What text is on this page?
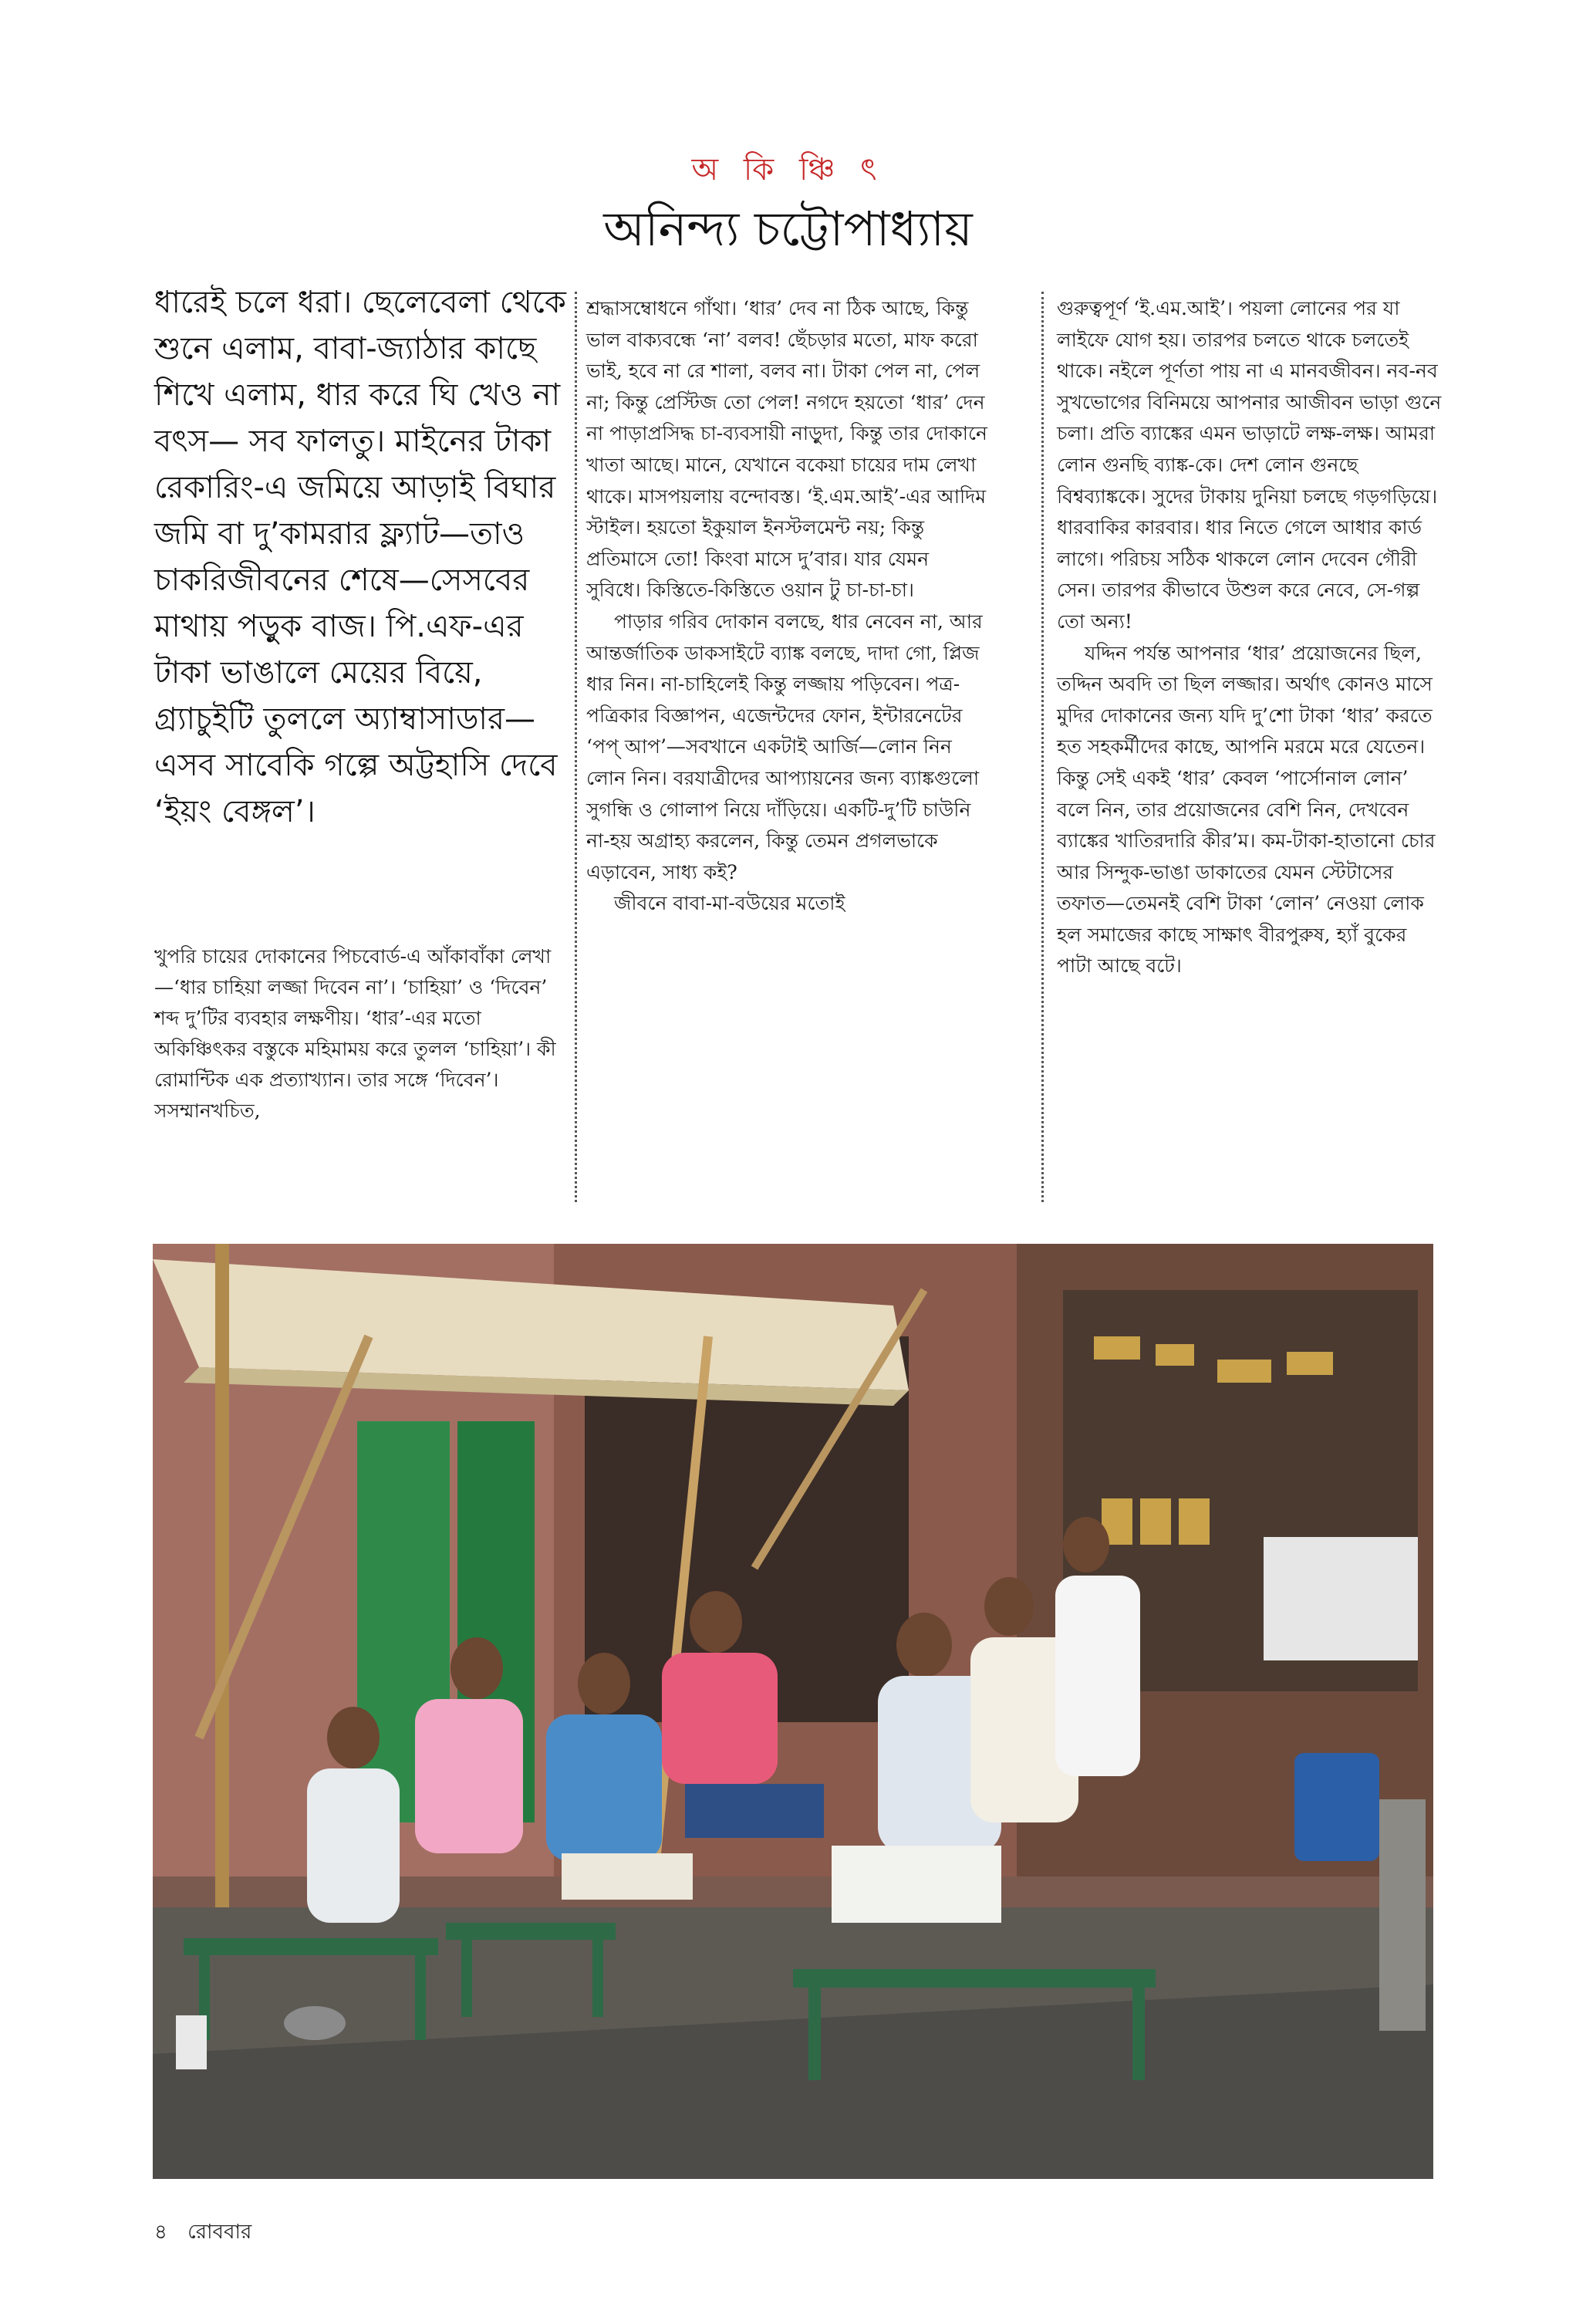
অ কি ঞ্চি ৎ
অনিন্দ্য চট্টোপাধ্যায়

ধারেই চলে ধরা। ছেলেবেলা থেকে শুনে এলাম, বাবা-জ্যাঠার কাছে শিখে এলাম, ধার করে ঘি খেও না বৎস— সব ফালতু। মাইনের টাকা রেকারিং-এ জমিয়ে আড়াই বিঘার জমি বা দু’কামরার ফ্ল্যাট—তাও চাকরিজীবনের শেষে—সেসবের মাথায় পড়ুক বাজ। পি.এফ-এর টাকা ভাঙালে মেয়ের বিয়ে, গ্র্যাচুইটি তুললে অ্যাম্বাসাডার—এসব সাবেকি গল্পে অট্টহাসি দেবে ‘ইয়ং বেঙ্গল’।

খুপরি চায়ের দোকানের পিচবোর্ড-এ আঁকাবাঁকা লেখা—‘ধার চাহিয়া লজ্জা দিবেন না’। ‘চাহিয়া’ ও ‘দিবেন’ শব্দ দু’টির ব্যবহার লক্ষণীয়। ‘ধার’-এর মতো অকিঞ্চিৎকর বস্তুকে মহিমাময় করে তুলল ‘চাহিয়া’। কী রোমান্টিক এক প্রত্যাখ্যান। তার সঙ্গে ‘দিবেন’। সসম্মানখচিত,

শ্রদ্ধাসম্বোধনে গাঁথা। ‘ধার’ দেব না ঠিক আছে, কিন্তু ভাল বাক্যবন্ধে ‘না’ বলব! ছেঁচড়ার মতো, মাফ করো ভাই, হবে না রে শালা, বলব না। টাকা পেল না, পেল না; কিন্তু প্রেস্টিজ তো পেল! নগদে হয়তো ‘ধার’ দেন না পাড়াপ্রসিদ্ধ চা-ব্যবসায়ী নাড়ুদা, কিন্তু তার দোকানে খাতা আছে। মানে, যেখানে বকেয়া চায়ের দাম লেখা থাকে। মাসপয়লায় বন্দোবস্ত। ‘ই.এম.আই’-এর আদিম স্টাইল। হয়তো ইকুয়াল ইনস্টলমেন্ট নয়; কিন্তু প্রতিমাসে তো! কিংবা মাসে দু’বার। যার যেমন সুবিধে। কিস্তিতে-কিস্তিতে ওয়ান টু চা-চা-চা।

পাড়ার গরিব দোকান বলছে, ধার নেবেন না, আর আন্তর্জাতিক ডাকসাইটে ব্যাঙ্ক বলছে, দাদা গো, প্লিজ ধার নিন। না-চাহিলেই কিন্তু লজ্জায় পড়িবেন। পত্র-পত্রিকার বিজ্ঞাপন, এজেন্টদের ফোন, ইন্টারনেটের ‘পপ্‌ আপ’—সবখানে একটাই আর্জি—লোন নিন লোন নিন। বরযাত্রীদের আপ্যায়নের জন্য ব্যাঙ্কগুলো সুগন্ধি ও গোলাপ নিয়ে দাঁড়িয়ে। একটি-দু’টি চাউনি না-হয় অগ্রাহ্য করলেন, কিন্তু তেমন প্রগলভাকে এড়াবেন, সাধ্য কই?

জীবনে বাবা-মা-বউয়ের মতোই

গুরুত্বপূর্ণ ‘ই.এম.আই’। পয়লা লোনের পর যা লাইফে যোগ হয়। তারপর চলতে থাকে চলতেই থাকে। নইলে পূর্ণতা পায় না এ মানবজীবন। নব-নব সুখভোগের বিনিময়ে আপনার আজীবন ভাড়া গুনে চলা। প্রতি ব্যাঙ্কের এমন ভাড়াটে লক্ষ-লক্ষ। আমরা লোন গুনছি ব্যাঙ্ক-কে। দেশ লোন গুনছে বিশ্বব্যাঙ্ককে। সুদের টাকায় দুনিয়া চলছে গড়গড়িয়ে। ধারবাকির কারবার। ধার নিতে গেলে আধার কার্ড লাগে। পরিচয় সঠিক থাকলে লোন দেবেন গৌরী সেন। তারপর কীভাবে উশুল করে নেবে, সে-গল্প তো অন্য!

যদ্দিন পর্যন্ত আপনার ‘ধার’ প্রয়োজনের ছিল, তদ্দিন অবদি তা ছিল লজ্জার। অর্থাৎ কোনও মাসে মুদির দোকানের জন্য যদি দু’শো টাকা ‘ধার’ করতে হত সহকর্মীদের কাছে, আপনি মরমে মরে যেতেন। কিন্তু সেই একই ‘ধার’ কেবল ‘পার্সোনাল লোন’ বলে নিন, তার প্রয়োজনের বেশি নিন, দেখবেন ব্যাঙ্কের খাতিরদারি কীর’ম। কম-টাকা-হাতানো চোর আর সিন্দুক-ভাঙা ডাকাতের যেমন স্টেটাসের তফাত—তেমনই বেশি টাকা ‘লোন’ নেওয়া লোক হল সমাজের কাছে সাক্ষাৎ বীরপুরুষ, হ্যাঁ বুকের পাটা আছে বটে।

৪ রোববার
